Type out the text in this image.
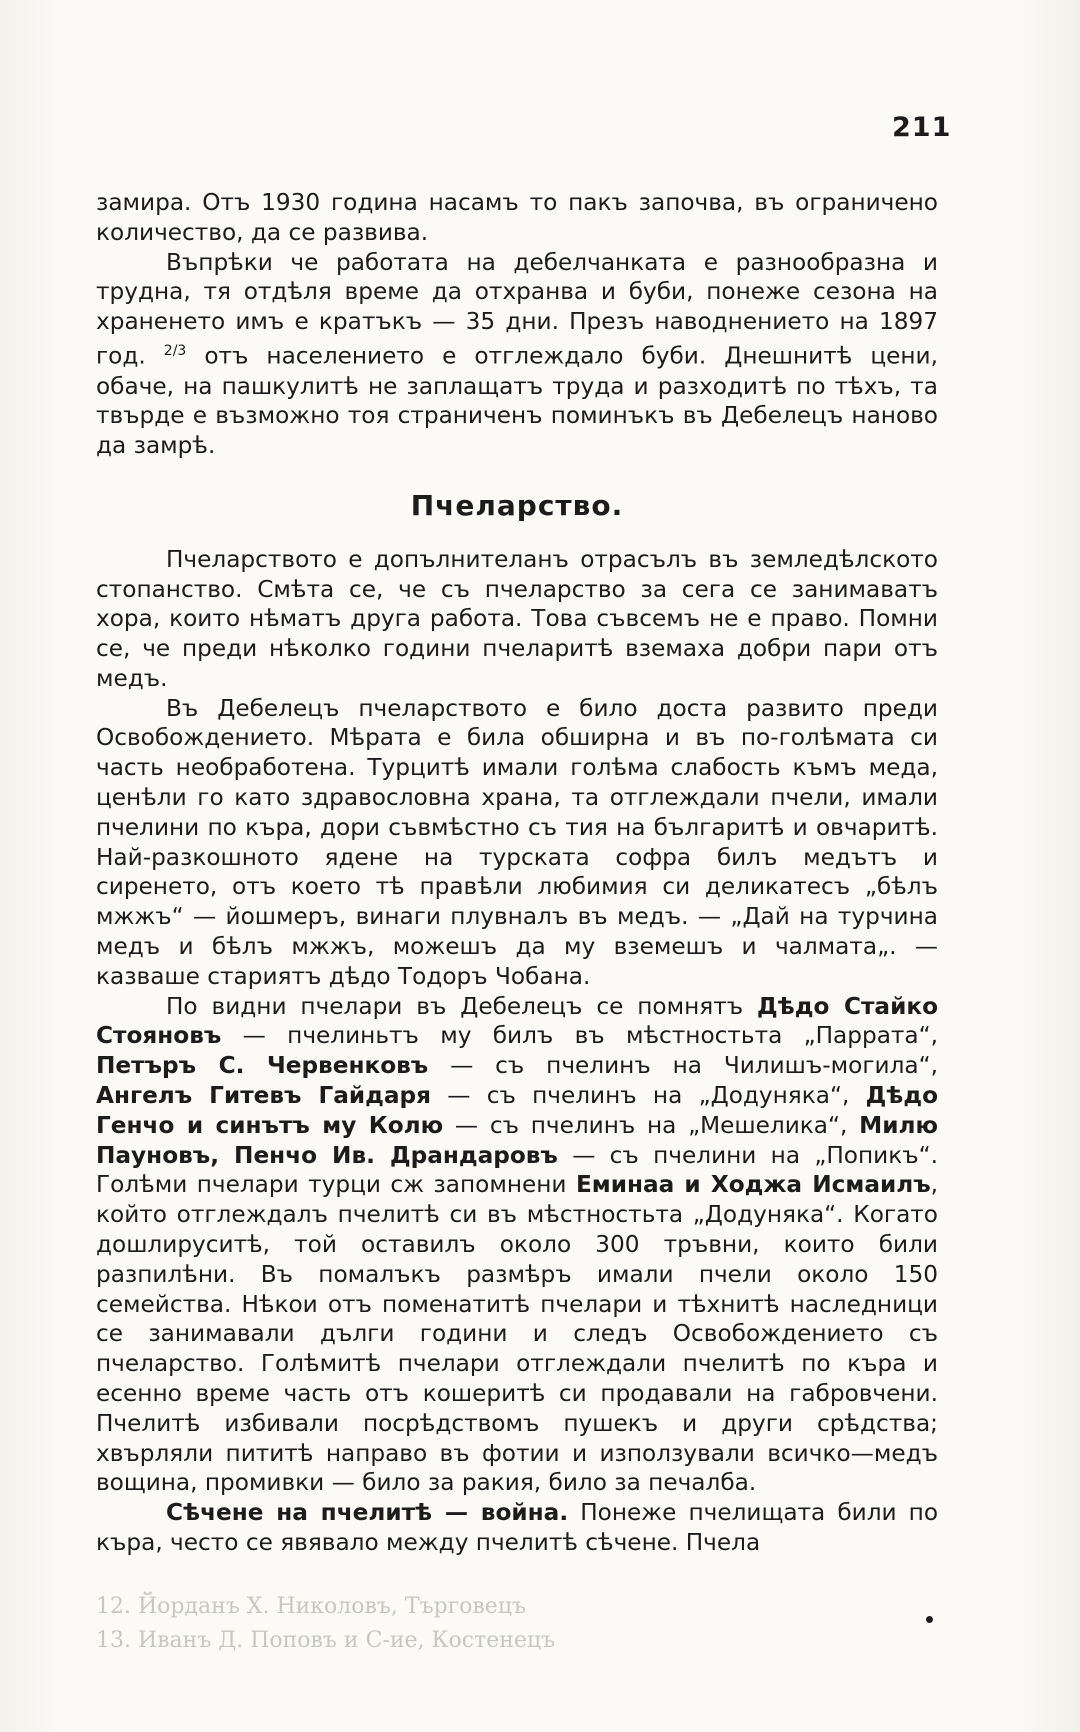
211

замира. Отъ 1930 година насамъ то пакъ започва, въ ограничено количество, да се развива.

Въпрѣки че работата на дебелчанката е разнообразна и трудна, тя отдѣля време да отхранва и буби, понеже сезона на храненето имъ е кратъкъ — 35 дни. Презъ наводнението на 1897 год. $^{2/3}$ отъ населението е отглеждало буби. Днешнитѣ цени, обаче, на пашкулитѣ не заплащатъ труда и разходитѣ по тѣхъ, та твърде е възможно тоя страниченъ поминъкъ въ Дебелецъ наново да замрѣ.

Пчеларство.

Пчеларството е допълнителанъ отрасълъ въ земледѣлското стопанство. Смѣта се, че съ пчеларство за сега се занимаватъ хора, които нѣматъ друга работа. Това съвсемъ не е право. Помни се, че преди нѣколко години пчеларитѣ вземаха добри пари отъ медъ.

Въ Дебелецъ пчеларството е било доста развито преди Освобождението. Мѣрата е била обширна и въ по-голѣмата си часть необработена. Турцитѣ имали голѣма слабость къмъ меда, ценѣли го като здравословна храна, та отглеждали пчели, имали пчелини по къра, дори съвмѣстно съ тия на българитѣ и овчаритѣ. Най-разкошното ядене на турската софра билъ медътъ и сиренето, отъ което тѣ правѣли любимия си деликатесъ „бѣлъ мжжъ“ — йошмеръ, винаги плувналъ въ медъ. — „Дай на турчина медъ и бѣлъ мжжъ, можешъ да му вземешъ и чалмата„. — казваше стариятъ дѣдо Тодоръ Чобана.

По видни пчелари въ Дебелецъ се помнятъ Дѣдо Стайко Стояновъ — пчелиньтъ му билъ въ мѣстностьта „Паррата“, Петъръ С. Червенковъ — съ пчелинъ на Чилишъ-могила“, Ангелъ Гитевъ Гайдаря — съ пчелинъ на „Додуняка“, Дѣдо Генчо и синътъ му Колю — съ пчелинъ на „Мешелика“, Милю Пауновъ, Пенчо Ив. Драндаровъ — съ пчелини на „Попикъ“. Голѣми пчелари турци сж запомнени Еминаа и Ходжа Исмаилъ, който отглеждалъ пчелитѣ си въ мѣстностьта „Додуняка“. Когато дошлируситѣ, той оставилъ около 300 тръвни, които били разпилѣни. Въ помалъкъ размѣръ имали пчели около 150 семейства. Нѣкои отъ поменатитѣ пчелари и тѣхнитѣ наследници се занимавали дълги години и следъ Освобождението съ пчеларство. Голѣмитѣ пчелари отглеждали пчелитѣ по кърa и есенно време часть отъ кошеритѣ си продавали на габровчени. Пчелитѣ избивали посрѣдствомъ пушекъ и други срѣдства; хвърляли пититѣ направо въ фотии и използували всичко—медъ вощина, промивки — било за ракия, било за печалба.

Сѣчене на пчелитѣ — война. Понеже пчелищата били по кърa, често се явявало между пчелитѣ сѣчене. Пчела

12. Йорданъ Х. Николовъ, Търговецъ
13. Иванъ Д. Поповъ и С-ие, Костенецъ
